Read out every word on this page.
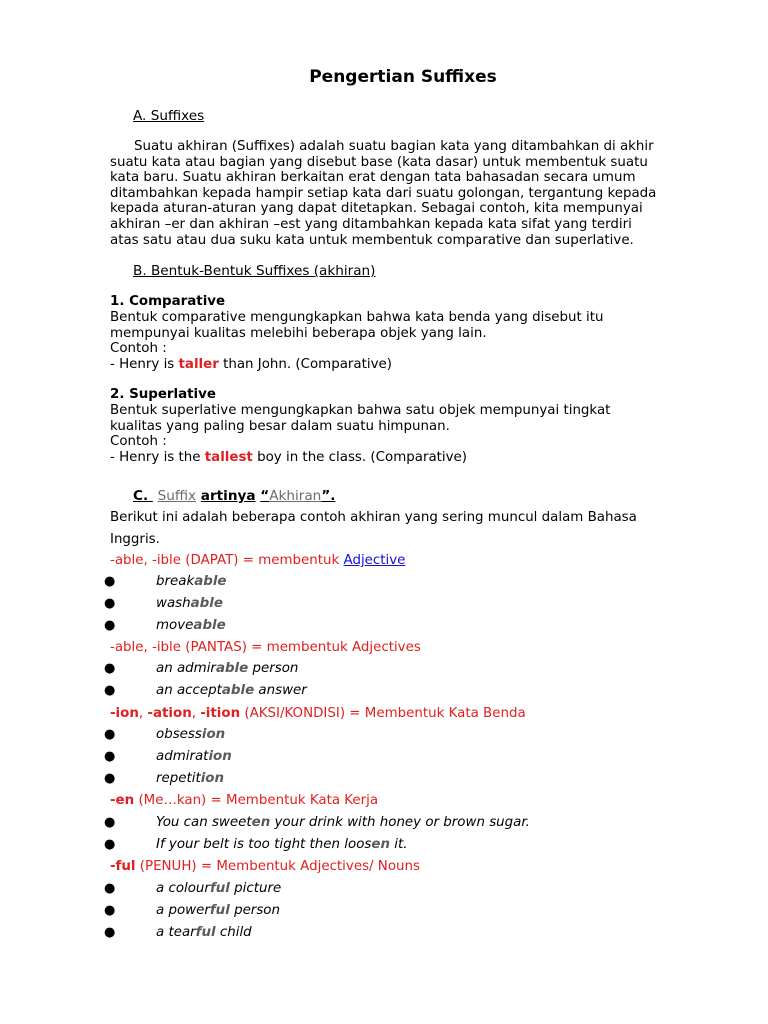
Pengertian Suffixes
A. Suffixes
Suatu akhiran (Suffixes) adalah suatu bagian kata yang ditambahkan di akhir
suatu kata atau bagian yang disebut base (kata dasar) untuk membentuk suatu
kata baru. Suatu akhiran berkaitan erat dengan tata bahasadan secara umum
ditambahkan kepada hampir setiap kata dari suatu golongan, tergantung kepada
kepada aturan-aturan yang dapat ditetapkan. Sebagai contoh, kita mempunyai
akhiran –er dan akhiran –est yang ditambahkan kepada kata sifat yang terdiri
atas satu atau dua suku kata untuk membentuk comparative dan superlative.
B. Bentuk-Bentuk Suffixes (akhiran)
1. Comparative
Bentuk comparative mengungkapkan bahwa kata benda yang disebut itu
mempunyai kualitas melebihi beberapa objek yang lain.
Contoh :
- Henry is taller than John. (Comparative)
2. Superlative
Bentuk superlative mengungkapkan bahwa satu objek mempunyai tingkat
kualitas yang paling besar dalam suatu himpunan.
Contoh :
- Henry is the tallest boy in the class. (Comparative)
C. Suffix artinya “Akhiran”.
Berikut ini adalah beberapa contoh akhiran yang sering muncul dalam Bahasa
Inggris.
-able, -ible (DAPAT) = membentuk Adjective
●	breakable
●	washable
●	moveable
-able, -ible (PANTAS) = membentuk Adjectives
●	an admirable person
●	an acceptable answer
-ion, -ation, -ition (AKSI/KONDISI) = Membentuk Kata Benda
●	obsession
●	admiration
●	repetition
-en (Me…kan) = Membentuk Kata Kerja
●	You can sweeten your drink with honey or brown sugar.
●	If your belt is too tight then loosen it.
-ful (PENUH) = Membentuk Adjectives/ Nouns
●	a colourful picture
●	a powerful person
●	a tearful child
